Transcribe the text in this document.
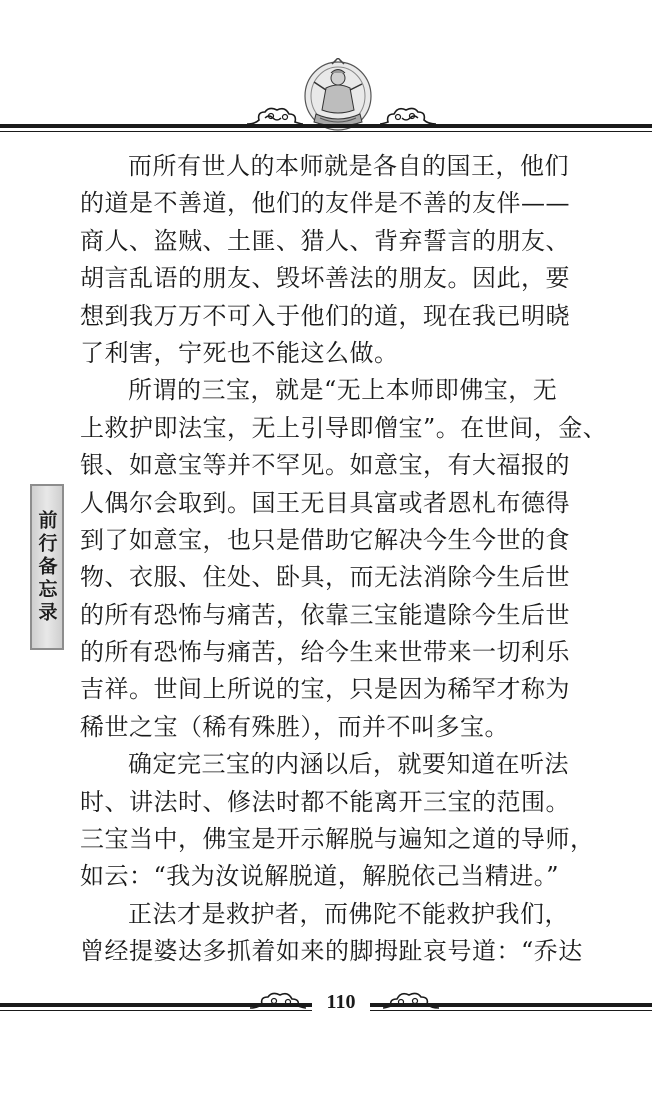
前行备忘录
而所有世人的本师就是各自的国王，他们
的道是不善道，他们的友伴是不善的友伴——
商人、盗贼、土匪、猎人、背弃誓言的朋友、
胡言乱语的朋友、毁坏善法的朋友。因此，要
想到我万万不可入于他们的道，现在我已明晓
了利害，宁死也不能这么做。
所谓的三宝，就是“无上本师即佛宝，无
上救护即法宝，无上引导即僧宝”。在世间，金、
银、如意宝等并不罕见。如意宝，有大福报的
人偶尔会取到。国王无目具富或者恩札布德得
到了如意宝，也只是借助它解决今生今世的食
物、衣服、住处、卧具，而无法消除今生后世
的所有恐怖与痛苦，依靠三宝能遣除今生后世
的所有恐怖与痛苦，给今生来世带来一切利乐
吉祥。世间上所说的宝，只是因为稀罕才称为
稀世之宝（稀有殊胜），而并不叫多宝。
确定完三宝的内涵以后，就要知道在听法
时、讲法时、修法时都不能离开三宝的范围。
三宝当中，佛宝是开示解脱与遍知之道的导师，
如云：“我为汝说解脱道，解脱依己当精进。”
正法才是救护者，而佛陀不能救护我们，
曾经提婆达多抓着如来的脚拇趾哀号道：“乔达
110
